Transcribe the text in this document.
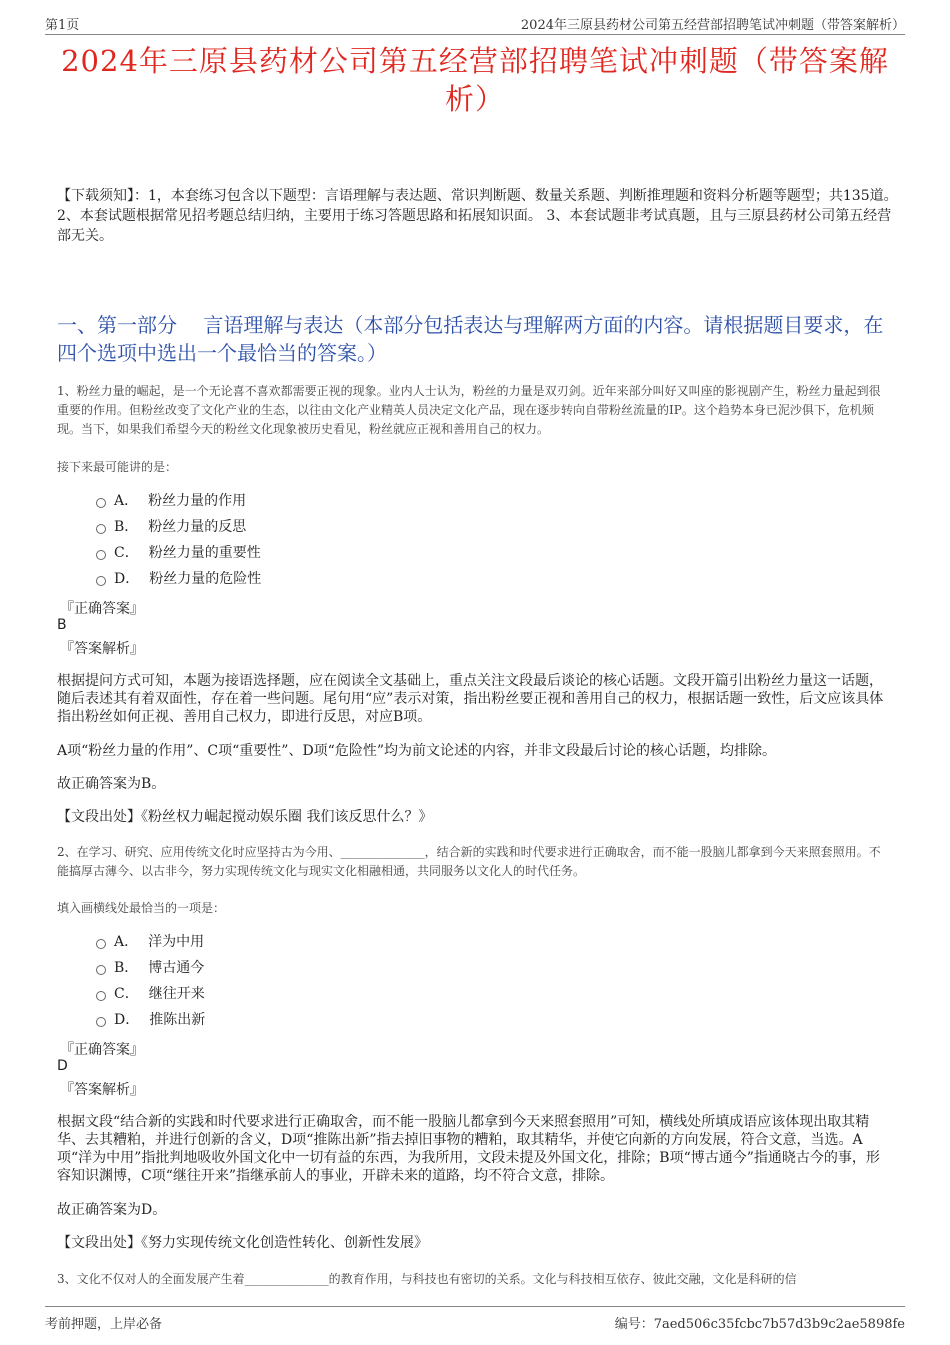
第1页	2024年三原县药材公司第五经营部招聘笔试冲刺题（带答案解析）
2024年三原县药材公司第五经营部招聘笔试冲刺题（带答案解析）
【下载须知】：1，本套练习包含以下题型：言语理解与表达题、常识判断题、数量关系题、判断推理题和资料分析题等题型；共135道。 2、本套试题根据常见招考题总结归纳，主要用于练习答题思路和拓展知识面。 3、本套试题非考试真题，且与三原县药材公司第五经营部无关。
一、第一部分　 言语理解与表达（本部分包括表达与理解两方面的内容。请根据题目要求，在四个选项中选出一个最恰当的答案。）
1、粉丝力量的崛起，是一个无论喜不喜欢都需要正视的现象。业内人士认为，粉丝的力量是双刃剑。近年来部分叫好又叫座的影视剧产生，粉丝力量起到很重要的作用。但粉丝改变了文化产业的生态，以往由文化产业精英人员决定文化产品，现在逐步转向自带粉丝流量的IP。这个趋势本身已泥沙俱下，危机频现。当下，如果我们希望今天的粉丝文化现象被历史看见，粉丝就应正视和善用自己的权力。
接下来最可能讲的是：
A． 粉丝力量的作用
B． 粉丝力量的反思
C． 粉丝力量的重要性
D． 粉丝力量的危险性
『正确答案』
B
『答案解析』
根据提问方式可知，本题为接语选择题，应在阅读全文基础上，重点关注文段最后谈论的核心话题。文段开篇引出粉丝力量这一话题，随后表述其有着双面性，存在着一些问题。尾句用“应”表示对策，指出粉丝要正视和善用自己的权力，根据话题一致性，后文应该具体指出粉丝如何正视、善用自己权力，即进行反思，对应B项。
A项“粉丝力量的作用”、C项“重要性”、D项“危险性”均为前文论述的内容，并非文段最后讨论的核心话题，均排除。
故正确答案为B。
【文段出处】《粉丝权力崛起搅动娱乐圈 我们该反思什么？》
2、在学习、研究、应用传统文化时应坚持古为今用、______________，结合新的实践和时代要求进行正确取舍，而不能一股脑儿都拿到今天来照套照用。不能搞厚古薄今、以古非今，努力实现传统文化与现实文化相融相通，共同服务以文化人的时代任务。
填入画横线处最恰当的一项是：
A． 洋为中用
B． 博古通今
C． 继往开来
D． 推陈出新
『正确答案』
D
『答案解析』
根据文段“结合新的实践和时代要求进行正确取舍，而不能一股脑儿都拿到今天来照套照用”可知，横线处所填成语应该体现出取其精华、去其糟粕，并进行创新的含义，D项“推陈出新”指去掉旧事物的糟粕，取其精华，并使它向新的方向发展，符合文意，当选。A项“洋为中用”指批判地吸收外国文化中一切有益的东西，为我所用，文段未提及外国文化，排除；B项“博古通今”指通晓古今的事，形容知识渊博，C项“继往开来”指继承前人的事业，开辟未来的道路，均不符合文意，排除。
故正确答案为D。
【文段出处】《努力实现传统文化创造性转化、创新性发展》
3、文化不仅对人的全面发展产生着______________的教育作用，与科技也有密切的关系。文化与科技相互依存、彼此交融，文化是科研的信
考前押题，上岸必备	编号：7aed506c35fcbc7b57d3b9c2ae5898fe
